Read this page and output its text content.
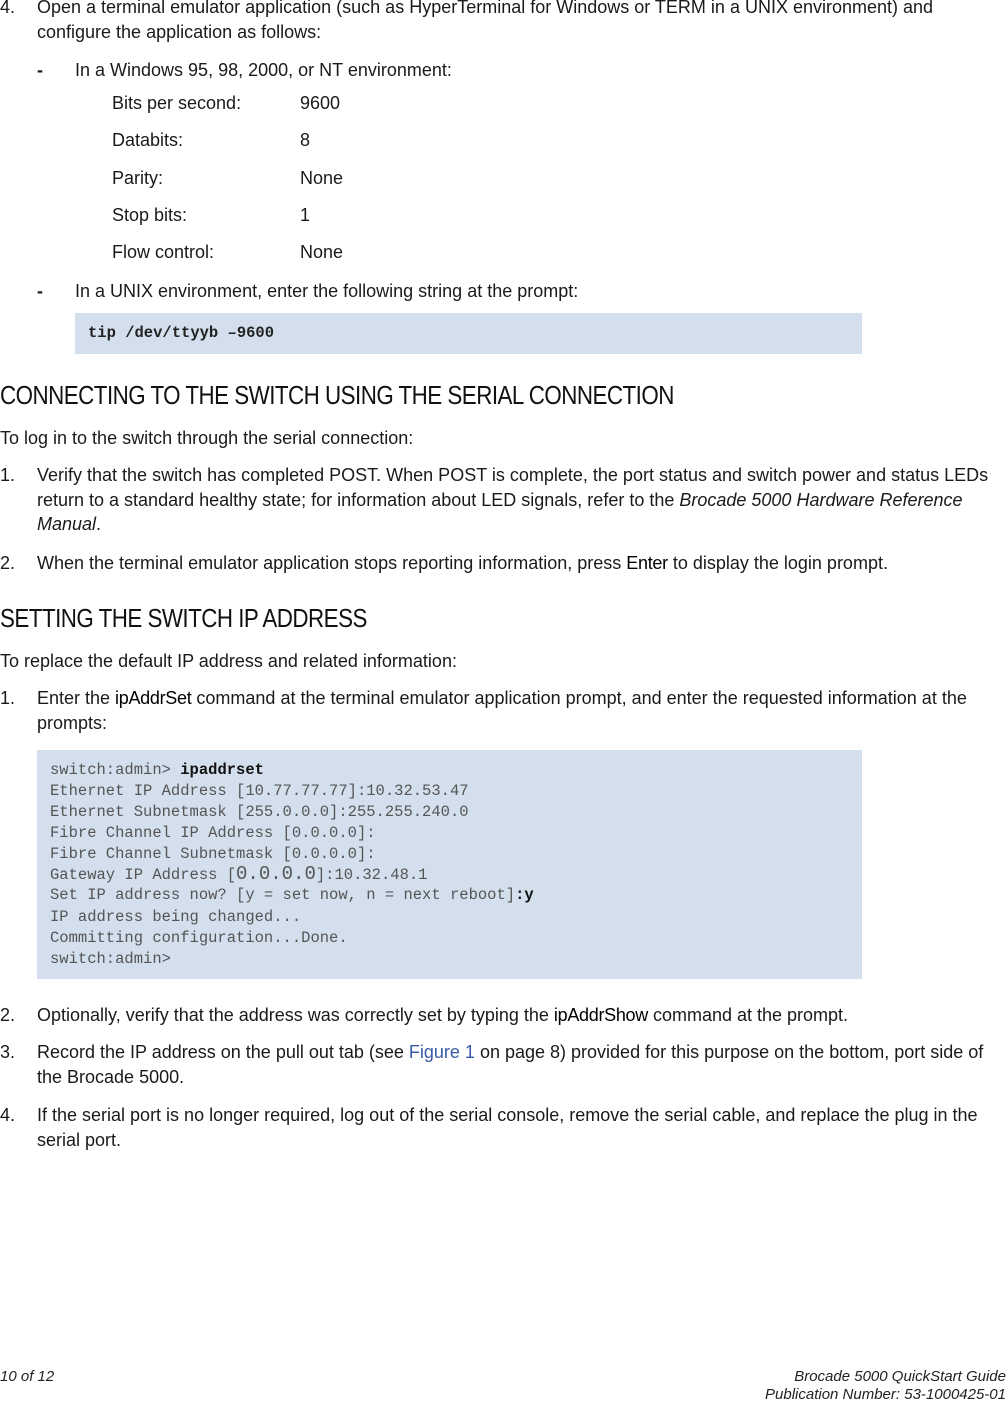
4. Open a terminal emulator application (such as HyperTerminal for Windows or TERM in a UNIX environment) and configure the application as follows:
- In a Windows 95, 98, 2000, or NT environment:
Bits per second:	9600
Databits:	8
Parity:	None
Stop bits:	1
Flow control:	None
- In a UNIX environment, enter the following string at the prompt:
tip /dev/ttyyb –9600
CONNECTING TO THE SWITCH USING THE SERIAL CONNECTION
To log in to the switch through the serial connection:
1. Verify that the switch has completed POST. When POST is complete, the port status and switch power and status LEDs return to a standard healthy state; for information about LED signals, refer to the Brocade 5000 Hardware Reference Manual.
2. When the terminal emulator application stops reporting information, press Enter to display the login prompt.
SETTING THE SWITCH IP ADDRESS
To replace the default IP address and related information:
1. Enter the ipAddrSet command at the terminal emulator application prompt, and enter the requested information at the prompts:
switch:admin> ipaddrset
Ethernet IP Address [10.77.77.77]:10.32.53.47
Ethernet Subnetmask [255.0.0.0]:255.255.240.0
Fibre Channel IP Address [0.0.0.0]:
Fibre Channel Subnetmask [0.0.0.0]:
Gateway IP Address [0.0.0.0]:10.32.48.1
Set IP address now? [y = set now, n = next reboot]:y
IP address being changed...
Committing configuration...Done.
switch:admin>
2. Optionally, verify that the address was correctly set by typing the ipAddrShow command at the prompt.
3. Record the IP address on the pull out tab (see Figure 1 on page 8) provided for this purpose on the bottom, port side of the Brocade 5000.
4. If the serial port is no longer required, log out of the serial console, remove the serial cable, and replace the plug in the serial port.
10 of 12	Brocade 5000 QuickStart Guide
Publication Number: 53-1000425-01
